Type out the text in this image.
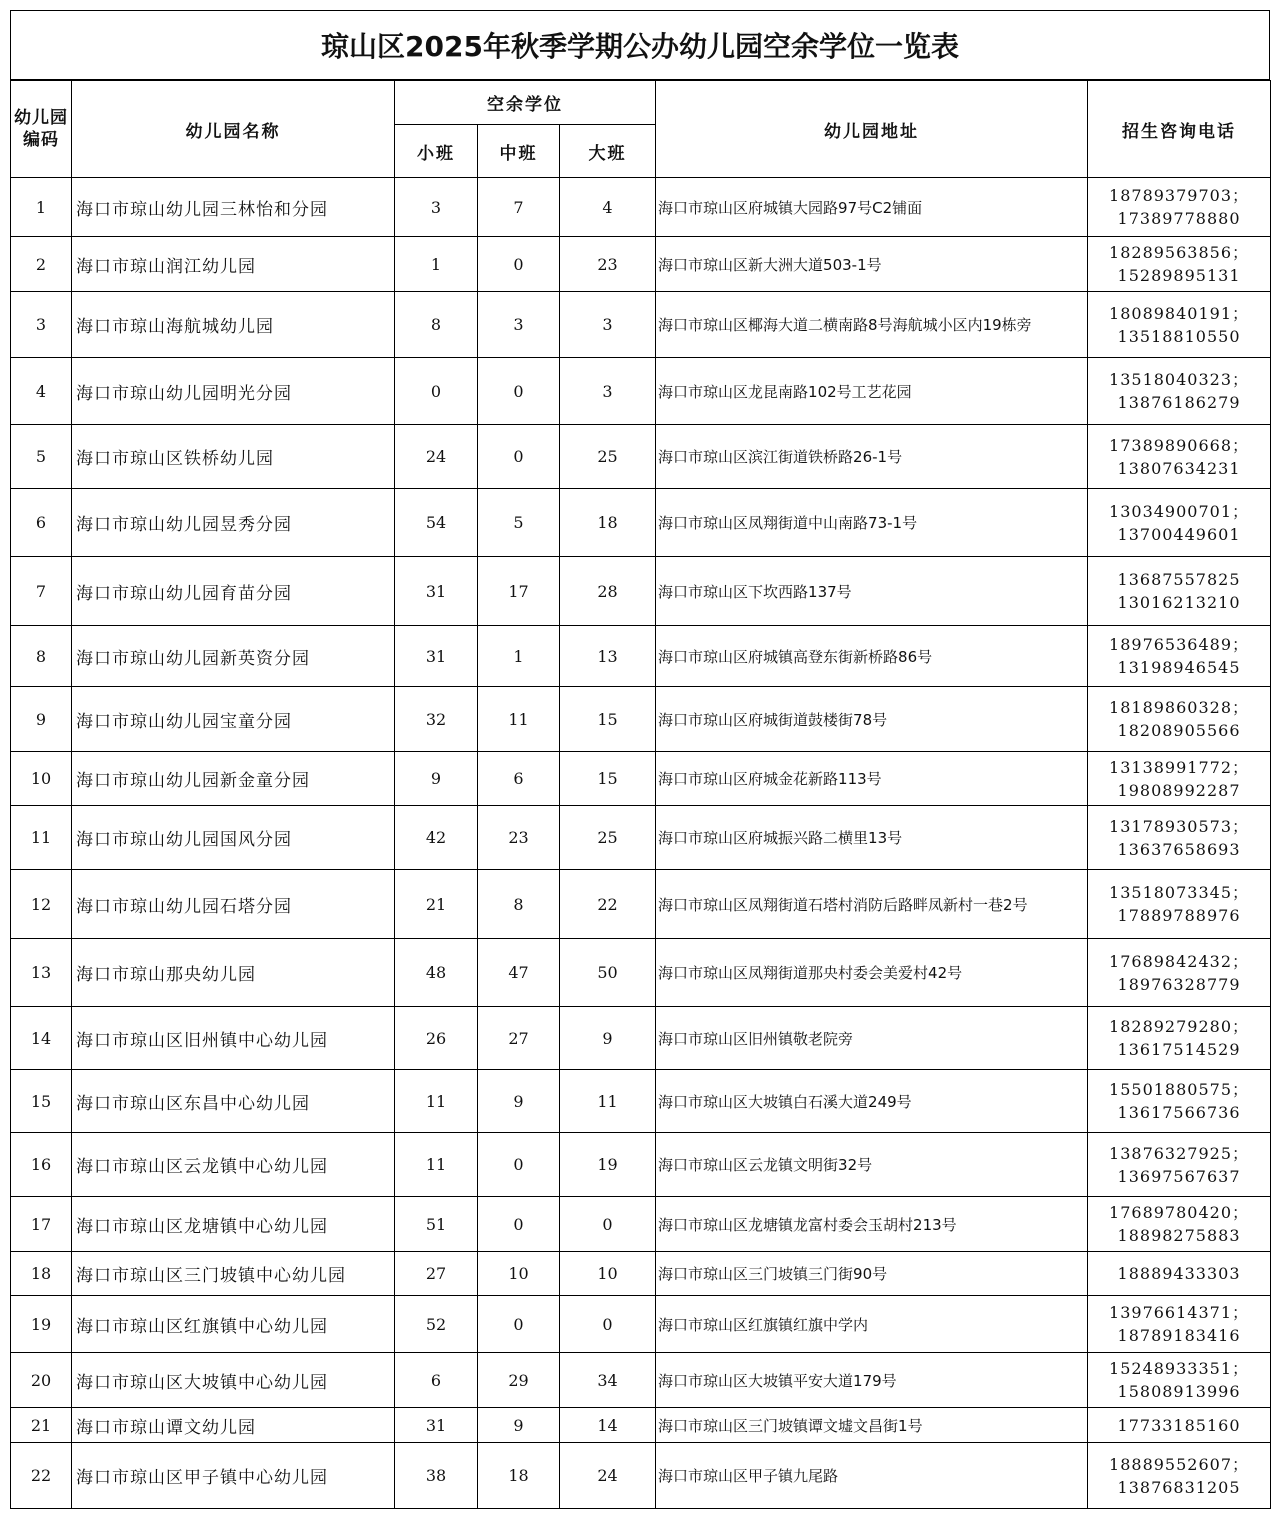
琼山区2025年秋季学期公办幼儿园空余学位一览表
幼儿园编码	幼儿园名称	空余学位			幼儿园地址	招生咨询电话
		小班	中班	大班		
1	海口市琼山幼儿园三林怡和分园	3	7	4	海口市琼山区府城镇大园路97号C2铺面	18789379703；
17389778880

2	海口市琼山润江幼儿园	1	0	23	海口市琼山区新大洲大道503-1号	18289563856；
15289895131

3	海口市琼山海航城幼儿园	8	3	3	海口市琼山区椰海大道二横南路8号海航城小区内19栋旁	18089840191；
13518810550

4	海口市琼山幼儿园明光分园	0	0	3	海口市琼山区龙昆南路102号工艺花园	13518040323；
13876186279

5	海口市琼山区铁桥幼儿园	24	0	25	海口市琼山区滨江街道铁桥路26-1号	17389890668；
13807634231

6	海口市琼山幼儿园昱秀分园	54	5	18	海口市琼山区凤翔街道中山南路73-1号	13034900701；
13700449601

7	海口市琼山幼儿园育苗分园	31	17	28	海口市琼山区下坎西路137号	13687557825
13016213210

8	海口市琼山幼儿园新英资分园	31	1	13	海口市琼山区府城镇高登东街新桥路86号	18976536489；
13198946545

9	海口市琼山幼儿园宝童分园	32	11	15	海口市琼山区府城街道鼓楼街78号	18189860328；
18208905566

10	海口市琼山幼儿园新金童分园	9	6	15	海口市琼山区府城金花新路113号	13138991772；
19808992287

11	海口市琼山幼儿园国风分园	42	23	25	海口市琼山区府城振兴路二横里13号	13178930573；
13637658693

12	海口市琼山幼儿园石塔分园	21	8	22	海口市琼山区凤翔街道石塔村消防后路畔凤新村一巷2号	13518073345；
17889788976

13	海口市琼山那央幼儿园	48	47	50	海口市琼山区凤翔街道那央村委会美爱村42号	17689842432；
18976328779

14	海口市琼山区旧州镇中心幼儿园	26	27	9	海口市琼山区旧州镇敬老院旁	18289279280；
13617514529

15	海口市琼山区东昌中心幼儿园	11	9	11	海口市琼山区大坡镇白石溪大道249号	15501880575；
13617566736

16	海口市琼山区云龙镇中心幼儿园	11	0	19	海口市琼山区云龙镇文明街32号	13876327925；
13697567637

17	海口市琼山区龙塘镇中心幼儿园	51	0	0	海口市琼山区龙塘镇龙富村委会玉胡村213号	17689780420；
18898275883

18	海口市琼山区三门坡镇中心幼儿园	27	10	10	海口市琼山区三门坡镇三门街90号	18889433303

19	海口市琼山区红旗镇中心幼儿园	52	0	0	海口市琼山区红旗镇红旗中学内	13976614371；
18789183416

20	海口市琼山区大坡镇中心幼儿园	6	29	34	海口市琼山区大坡镇平安大道179号	15248933351；
15808913996

21	海口市琼山谭文幼儿园	31	9	14	海口市琼山区三门坡镇谭文墟文昌街1号	17733185160

22	海口市琼山区甲子镇中心幼儿园	38	18	24	海口市琼山区甲子镇九尾路	18889552607；
13876831205
